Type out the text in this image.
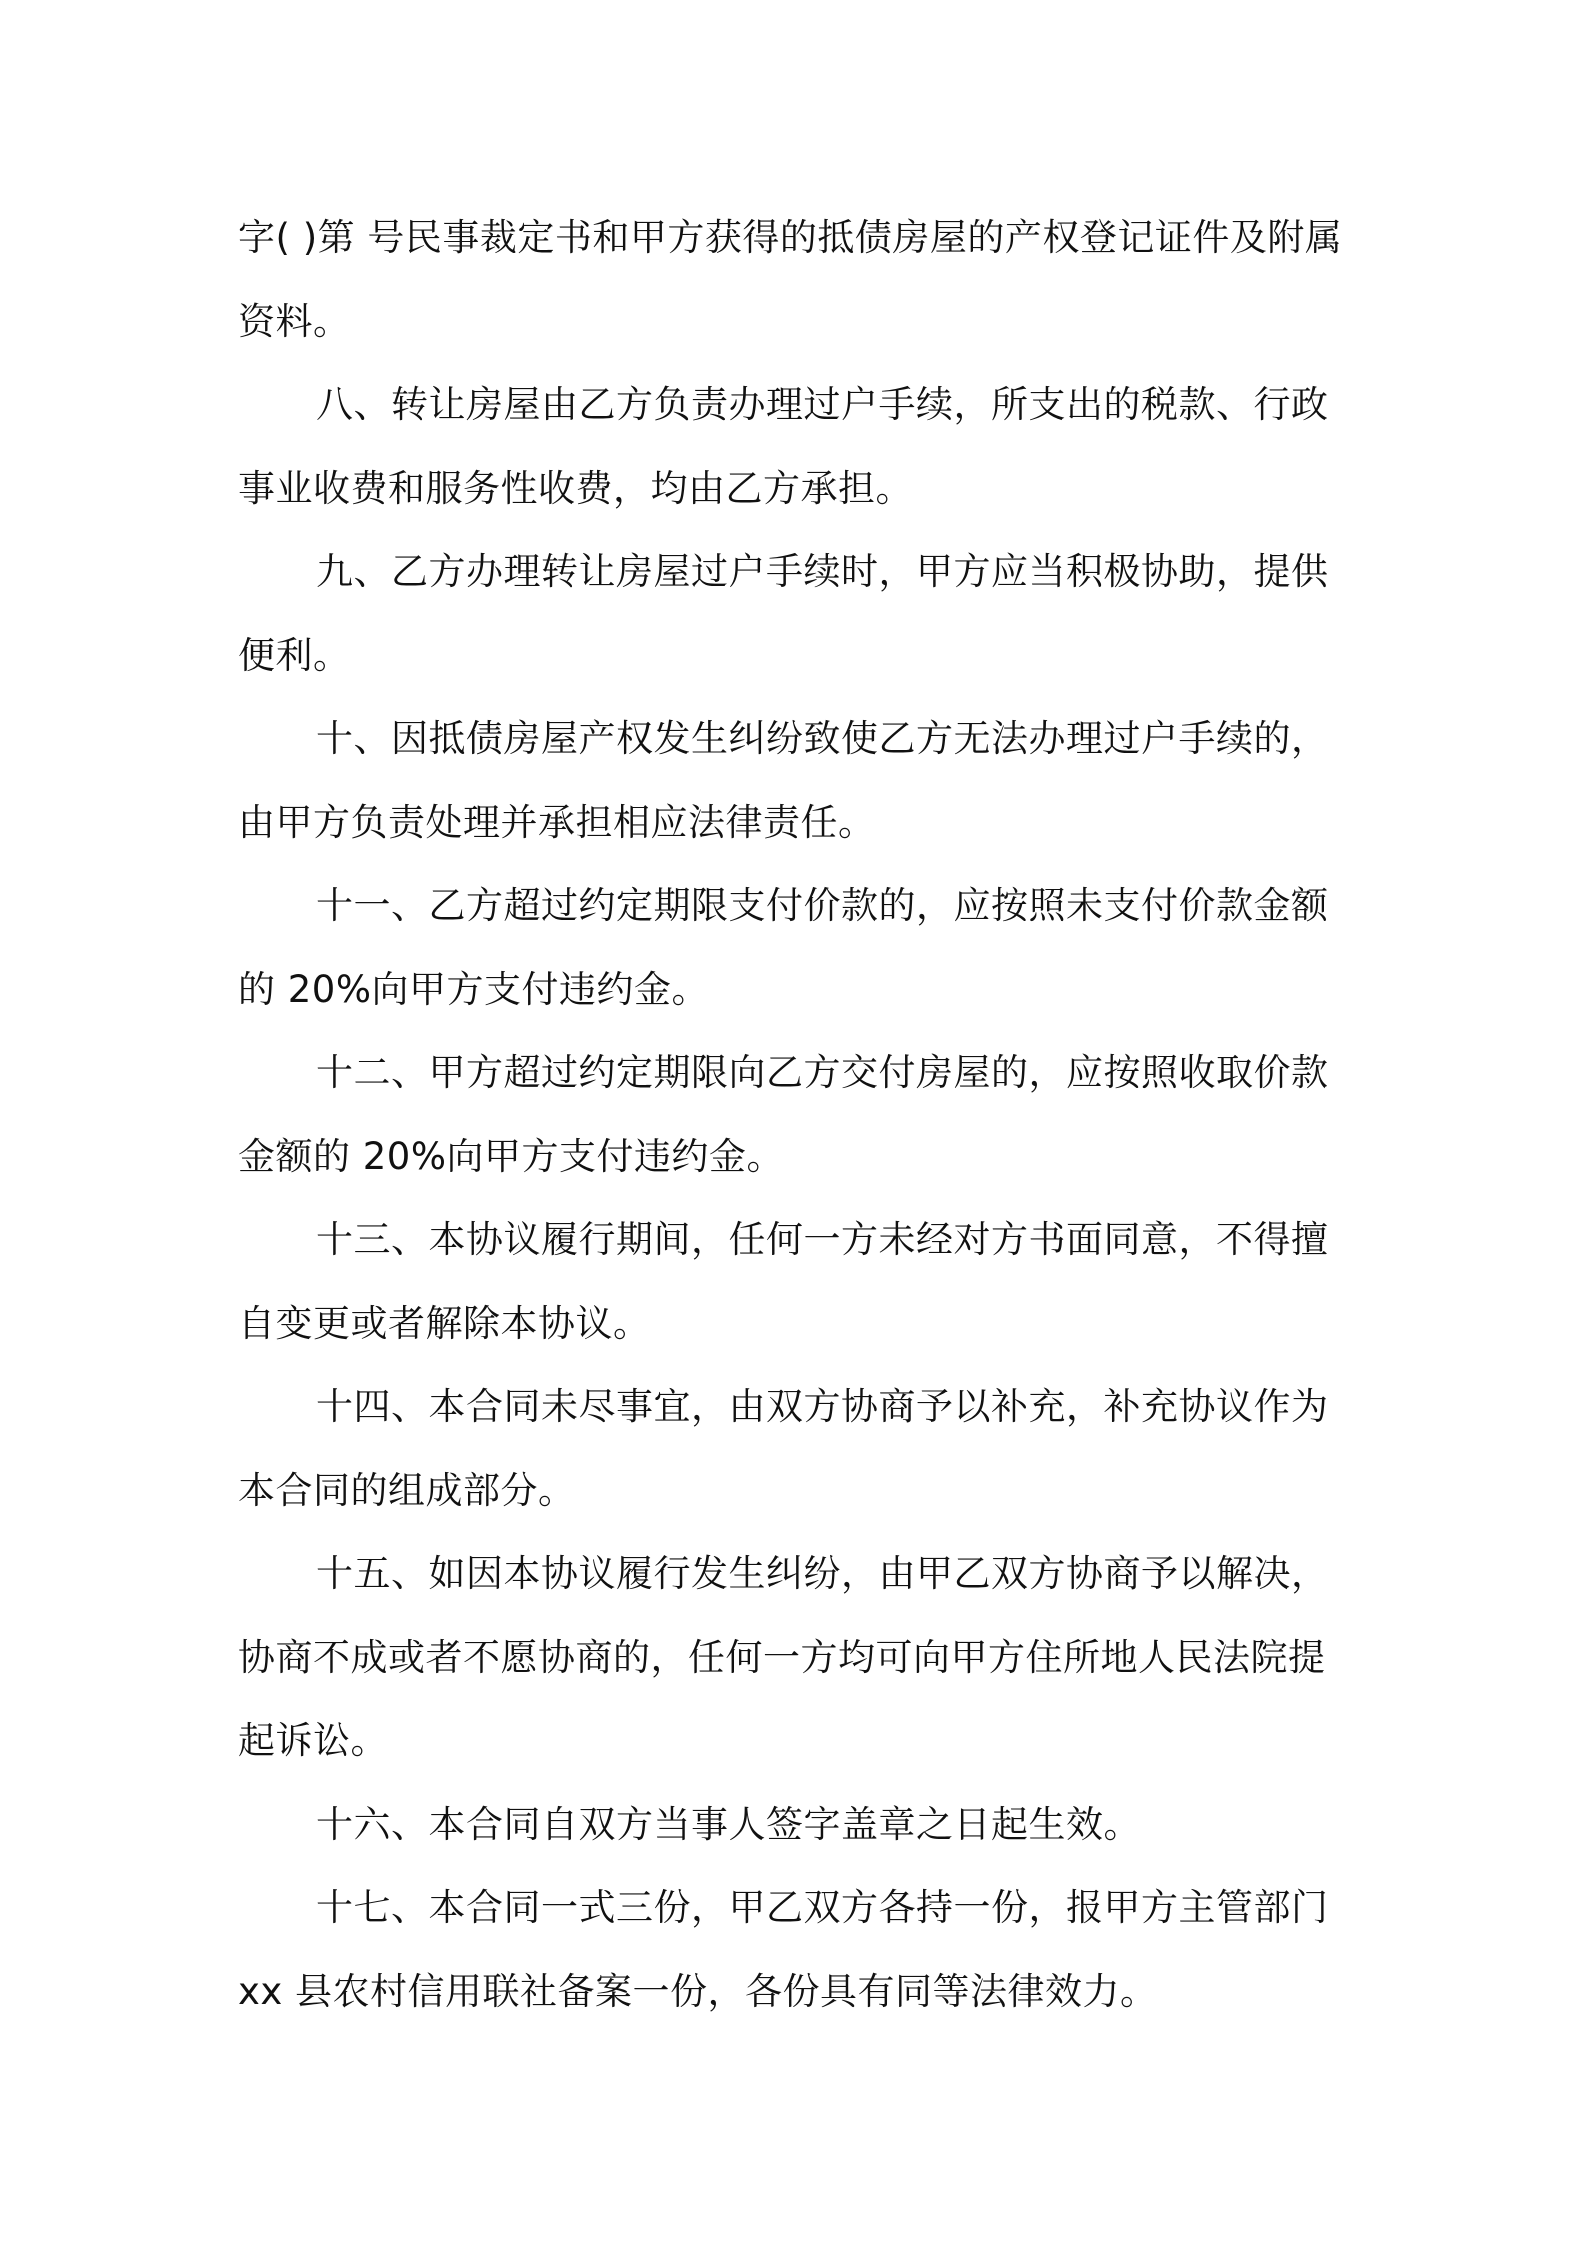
字( )第 号民事裁定书和甲方获得的抵债房屋的产权登记证件及附属资料。

八、转让房屋由乙方负责办理过户手续，所支出的税款、行政事业收费和服务性收费，均由乙方承担。

九、乙方办理转让房屋过户手续时，甲方应当积极协助，提供便利。

十、因抵债房屋产权发生纠纷致使乙方无法办理过户手续的，由甲方负责处理并承担相应法律责任。

十一、乙方超过约定期限支付价款的，应按照未支付价款金额的 20%向甲方支付违约金。

十二、甲方超过约定期限向乙方交付房屋的，应按照收取价款金额的 20%向甲方支付违约金。

十三、本协议履行期间，任何一方未经对方书面同意，不得擅自变更或者解除本协议。

十四、本合同未尽事宜，由双方协商予以补充，补充协议作为本合同的组成部分。

十五、如因本协议履行发生纠纷，由甲乙双方协商予以解决，协商不成或者不愿协商的，任何一方均可向甲方住所地人民法院提起诉讼。

十六、本合同自双方当事人签字盖章之日起生效。

十七、本合同一式三份，甲乙双方各持一份，报甲方主管部门 xx 县农村信用联社备案一份，各份具有同等法律效力。
